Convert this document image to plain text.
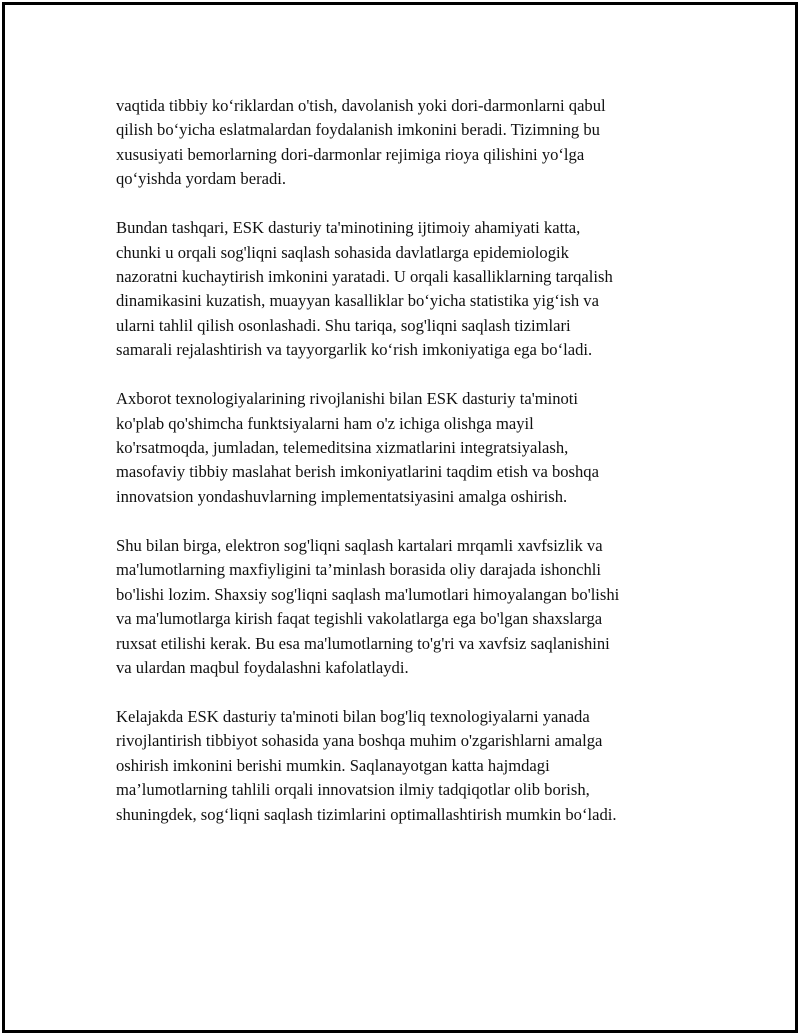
vaqtida tibbiy ko‘riklardan o'tish, davolanish yoki dori-darmonlarni qabul
qilish bo‘yicha eslatmalardan foydalanish imkonini beradi. Tizimning bu
xususiyati bemorlarning dori-darmonlar rejimiga rioya qilishini yo‘lga
qo‘yishda yordam beradi.

Bundan tashqari, ESK dasturiy ta'minotining ijtimoiy ahamiyati katta,
chunki u orqali sog'liqni saqlash sohasida davlatlarga epidemiologik
nazoratni kuchaytirish imkonini yaratadi. U orqali kasalliklarning tarqalish
dinamikasini kuzatish, muayyan kasalliklar bo‘yicha statistika yig‘ish va
ularni tahlil qilish osonlashadi. Shu tariqa, sog'liqni saqlash tizimlari
samarali rejalashtirish va tayyorgarlik ko‘rish imkoniyatiga ega bo‘ladi.

Axborot texnologiyalarining rivojlanishi bilan ESK dasturiy ta'minoti
ko'plab qo'shimcha funktsiyalarni ham o'z ichiga olishga mayil
ko'rsatmoqda, jumladan, telemeditsina xizmatlarini integratsiyalash,
masofaviy tibbiy maslahat berish imkoniyatlarini taqdim etish va boshqa
innovatsion yondashuvlarning implementatsiyasini amalga oshirish.

Shu bilan birga, elektron sog'liqni saqlash kartalari mrqamli xavfsizlik va
ma'lumotlarning maxfiyligini ta’minlash borasida oliy darajada ishonchli
bo'lishi lozim. Shaxsiy sog'liqni saqlash ma'lumotlari himoyalangan bo'lishi
va ma'lumotlarga kirish faqat tegishli vakolatlarga ega bo'lgan shaxslarga
ruxsat etilishi kerak. Bu esa ma'lumotlarning to'g'ri va xavfsiz saqlanishini
va ulardan maqbul foydalashni kafolatlaydi.

Kelajakda ESK dasturiy ta'minoti bilan bog'liq texnologiyalarni yanada
rivojlantirish tibbiyot sohasida yana boshqa muhim o'zgarishlarni amalga
oshirish imkonini berishi mumkin. Saqlanayotgan katta hajmdagi
ma’lumotlarning tahlili orqali innovatsion ilmiy tadqiqotlar olib borish,
shuningdek, sog‘liqni saqlash tizimlarini optimallashtirish mumkin bo‘ladi.
